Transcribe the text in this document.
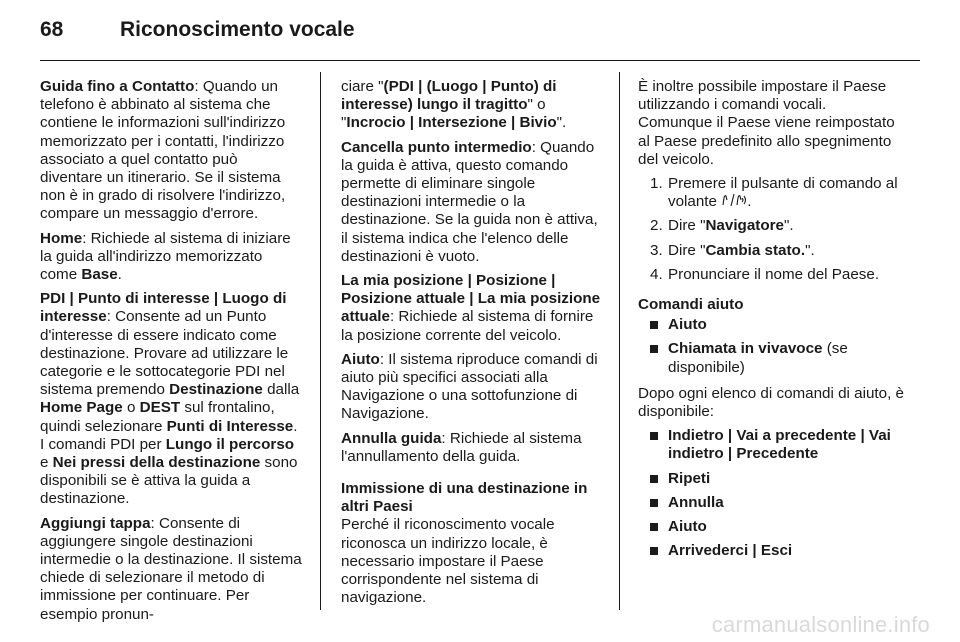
68	Riconoscimento vocale

Guida fino a Contatto: Quando un telefono è abbinato al sistema che contiene le informazioni sull'indirizzo memorizzato per i contatti, l'indirizzo associato a quel contatto può diventare un itinerario. Se il sistema non è in grado di risolvere l'indirizzo, compare un messaggio d'errore.

Home: Richiede al sistema di iniziare la guida all'indirizzo memorizzato come Base.

PDI | Punto di interesse | Luogo di interesse: Consente ad un Punto d'interesse di essere indicato come destinazione. Provare ad utilizzare le categorie e le sottocategorie PDI nel sistema premendo Destinazione dalla Home Page o DEST sul frontalino, quindi selezionare Punti di Interesse. I comandi PDI per Lungo il percorso e Nei pressi della destinazione sono disponibili se è attiva la guida a destinazione.

Aggiungi tappa: Consente di aggiungere singole destinazioni intermedie o la destinazione. Il sistema chiede di selezionare il metodo di immissione per continuare. Per esempio pronun-

ciare "(PDI | (Luogo | Punto) di interesse) lungo il tragitto" o "Incrocio | Intersezione | Bivio".

Cancella punto intermedio: Quando la guida è attiva, questo comando permette di eliminare singole destinazioni intermedie o la destinazione. Se la guida non è attiva, il sistema indica che l'elenco delle destinazioni è vuoto.

La mia posizione | Posizione | Posizione attuale | La mia posizione attuale: Richiede al sistema di fornire la posizione corrente del veicolo.

Aiuto: Il sistema riproduce comandi di aiuto più specifici associati alla Navigazione o una sottofunzione di Navigazione.

Annulla guida: Richiede al sistema l'annullamento della guida.

Immissione di una destinazione in altri Paesi

Perché il riconoscimento vocale riconosca un indirizzo locale, è necessario impostare il Paese corrispondente nel sistema di navigazione.

È inoltre possibile impostare il Paese utilizzando i comandi vocali. Comunque il Paese viene reimpostato al Paese predefinito allo spegnimento del veicolo.

1. Premere il pulsante di comando al volante .
2. Dire "Navigatore".
3. Dire "Cambia stato.".
4. Pronunciare il nome del Paese.

Comandi aiuto

Aiuto
Chiamata in vivavoce (se disponibile)

Dopo ogni elenco di comandi di aiuto, è disponibile:

Indietro | Vai a precedente | Vai indietro | Precedente
Ripeti
Annulla
Aiuto
Arrivederci | Esci
carmanualsonline.info
